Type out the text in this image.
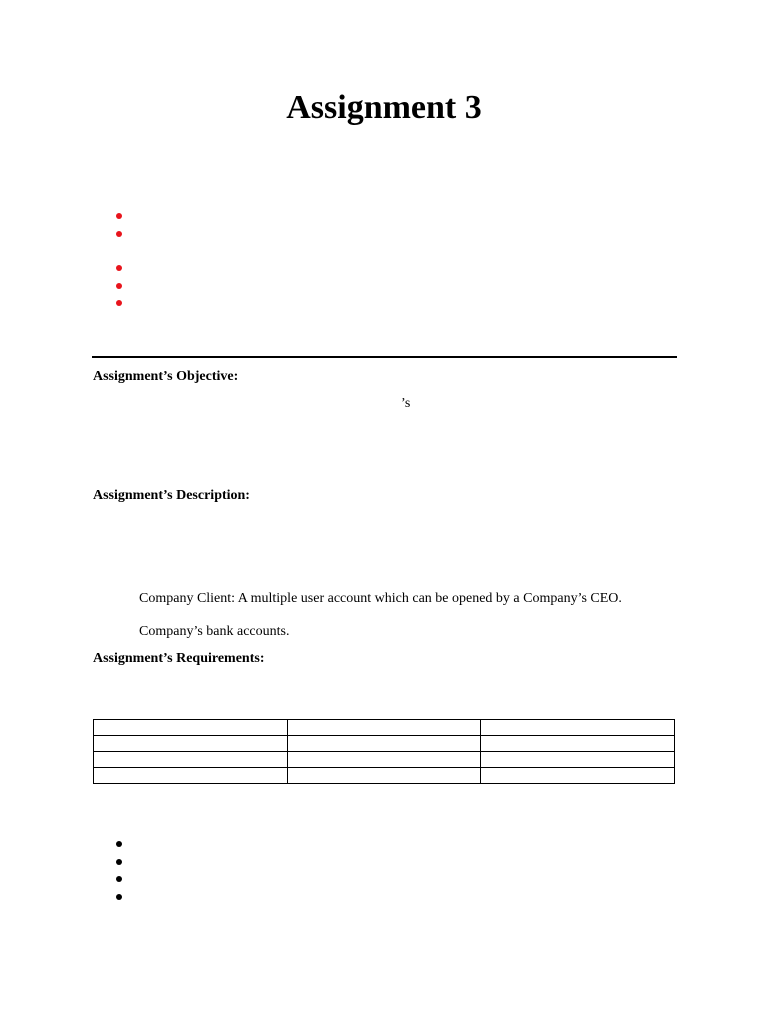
Assignment 3
Assignment’s Objective:

’s

Assignment’s Description:

Company Client: A multiple user account which can be opened by a Company’s CEO.

Company’s bank accounts.

Assignment’s Requirements:
